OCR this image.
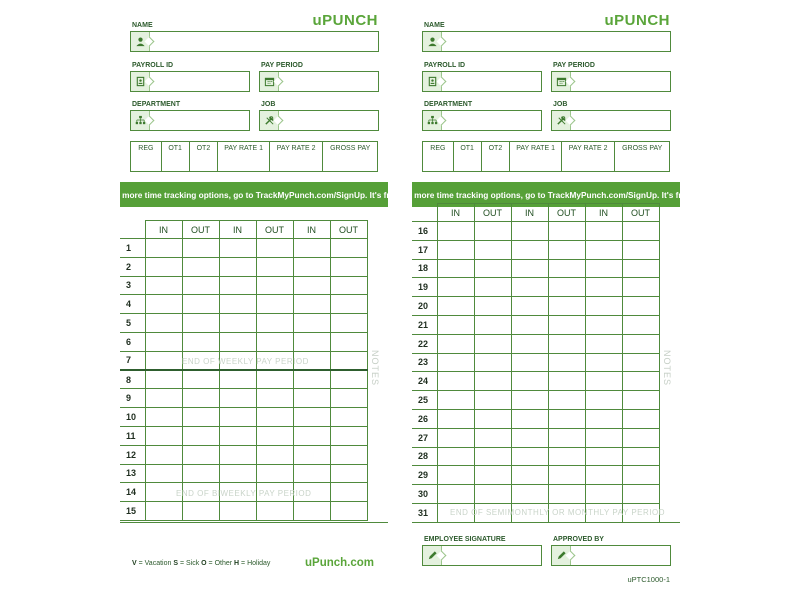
uPUNCH
NAME
PAYROLL ID	PAY PERIOD
DEPARTMENT	JOB
REG	OT1	OT2	PAY RATE 1	PAY RATE 2	GROSS PAY
For more time tracking options, go to TrackMyPunch.com/SignUp. It's free!
	IN	OUT	IN	OUT	IN	OUT
1						
2						
3						
4						
5						
6						
7						
8						
9						
10						
11						
12						
13						
14						
15						
END OF WEEKLY PAY PERIOD
END OF BIWEEKLY PAY PERIOD
NOTES
V = Vacation S = Sick O = Other H = Holiday	uPunch.com
uPUNCH
NAME
PAYROLL ID	PAY PERIOD
DEPARTMENT	JOB
REG	OT1	OT2	PAY RATE 1	PAY RATE 2	GROSS PAY
For more time tracking options, go to TrackMyPunch.com/SignUp. It's free!
	IN	OUT	IN	OUT	IN	OUT
16						
17						
18						
19						
20						
21						
22						
23						
24						
25						
26						
27						
28						
29						
30						
31							END OF SEMIMONTHLY OR MONTHLY PAY PERIOD
NOTES
EMPLOYEE SIGNATURE	APPROVED BY
uPTC1000-1
